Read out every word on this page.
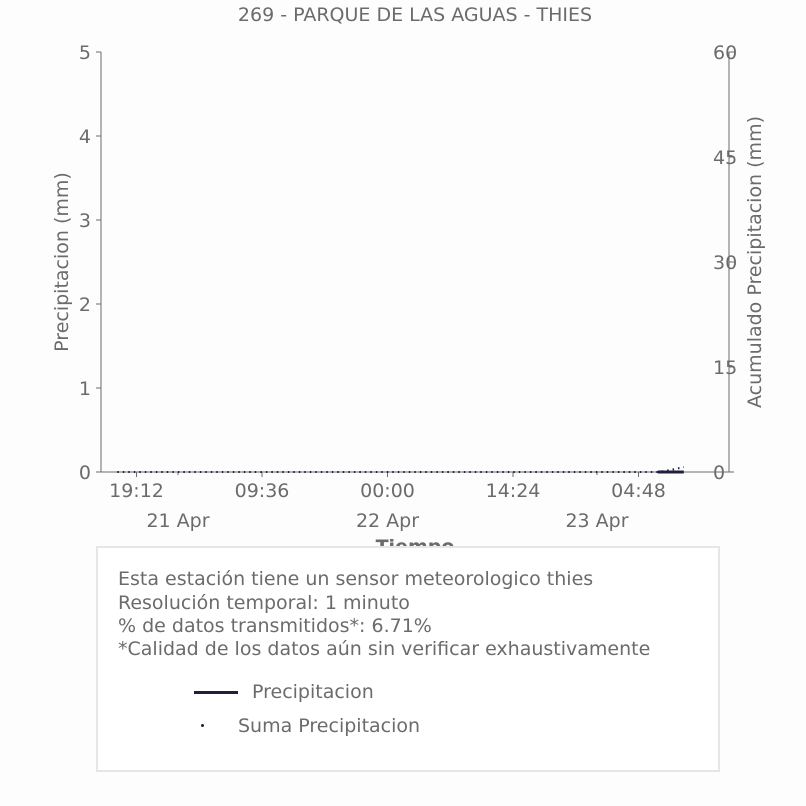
269 - PARQUE DE LAS AGUAS - THIES
0
1
2
3
4
5
0
15
30
45
60
19:12	09:36	00:00	14:24	04:48
21 Apr	22 Apr	23 Apr
Precipitacion (mm)	Acumulado Precipitacion (mm)
Esta estación tiene un sensor meteorologico thies
Resolución temporal: 1 minuto
% de datos transmitidos*: 6.71%
*Calidad de los datos aún sin verificar exhaustivamente
Precipitacion
Suma Precipitacion
